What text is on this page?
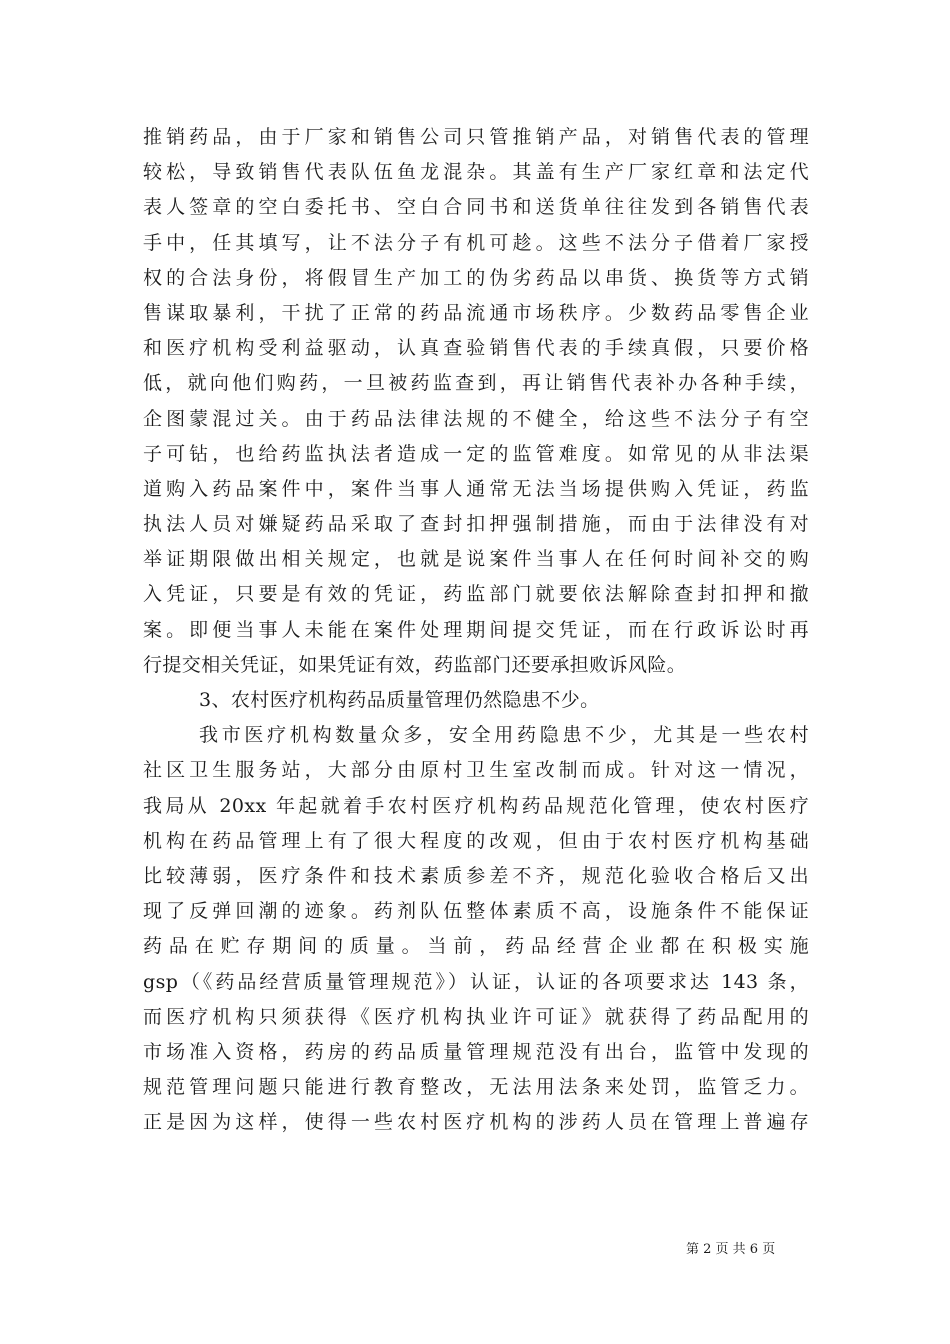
推销药品，由于厂家和销售公司只管推销产品，对销售代表的管理
较松，导致销售代表队伍鱼龙混杂。其盖有生产厂家红章和法定代
表人签章的空白委托书、空白合同书和送货单往往发到各销售代表
手中，任其填写，让不法分子有机可趁。这些不法分子借着厂家授
权的合法身份，将假冒生产加工的伪劣药品以串货、换货等方式销
售谋取暴利，干扰了正常的药品流通市场秩序。少数药品零售企业
和医疗机构受利益驱动，认真查验销售代表的手续真假，只要价格
低，就向他们购药，一旦被药监查到，再让销售代表补办各种手续，
企图蒙混过关。由于药品法律法规的不健全，给这些不法分子有空
子可钻，也给药监执法者造成一定的监管难度。如常见的从非法渠
道购入药品案件中，案件当事人通常无法当场提供购入凭证，药监
执法人员对嫌疑药品采取了查封扣押强制措施，而由于法律没有对
举证期限做出相关规定，也就是说案件当事人在任何时间补交的购
入凭证，只要是有效的凭证，药监部门就要依法解除查封扣押和撤
案。即便当事人未能在案件处理期间提交凭证，而在行政诉讼时再
行提交相关凭证，如果凭证有效，药监部门还要承担败诉风险。
3、农村医疗机构药品质量管理仍然隐患不少。
我市医疗机构数量众多，安全用药隐患不少，尤其是一些农村
社区卫生服务站，大部分由原村卫生室改制而成。针对这一情况，
我局从 20xx 年起就着手农村医疗机构药品规范化管理，使农村医疗
机构在药品管理上有了很大程度的改观，但由于农村医疗机构基础
比较薄弱，医疗条件和技术素质参差不齐，规范化验收合格后又出
现了反弹回潮的迹象。药剂队伍整体素质不高，设施条件不能保证
药品在贮存期间的质量。当前，药品经营企业都在积极实施
gsp（《药品经营质量管理规范》）认证，认证的各项要求达 143 条，
而医疗机构只须获得《医疗机构执业许可证》就获得了药品配用的
市场准入资格，药房的药品质量管理规范没有出台，监管中发现的
规范管理问题只能进行教育整改，无法用法条来处罚，监管乏力。
正是因为这样，使得一些农村医疗机构的涉药人员在管理上普遍存
第 2 页 共 6 页
